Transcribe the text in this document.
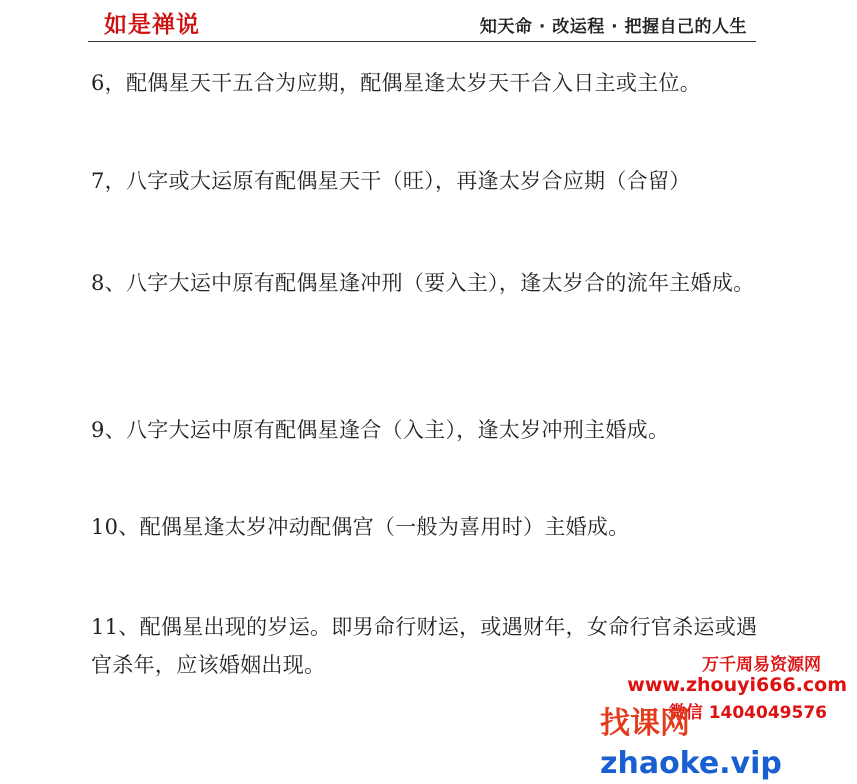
如是禅说	知天命 · 改运程 · 把握自己的人生
6，配偶星天干五合为应期，配偶星逢太岁天干合入日主或主位。
7，八字或大运原有配偶星天干（旺），再逢太岁合应期（合留）
8、八字大运中原有配偶星逢冲刑（要入主），逢太岁合的流年主婚成。
9、八字大运中原有配偶星逢合（入主），逢太岁冲刑主婚成。
10、配偶星逢太岁冲动配偶宫（一般为喜用时）主婚成。
11、配偶星出现的岁运。即男命行财运，或遇财年，女命行官杀运或遇官杀年，应该婚姻出现。	万千周易资源网
www.zhouyi666.com
微信 1404049576
找课网zhaoke.vip
